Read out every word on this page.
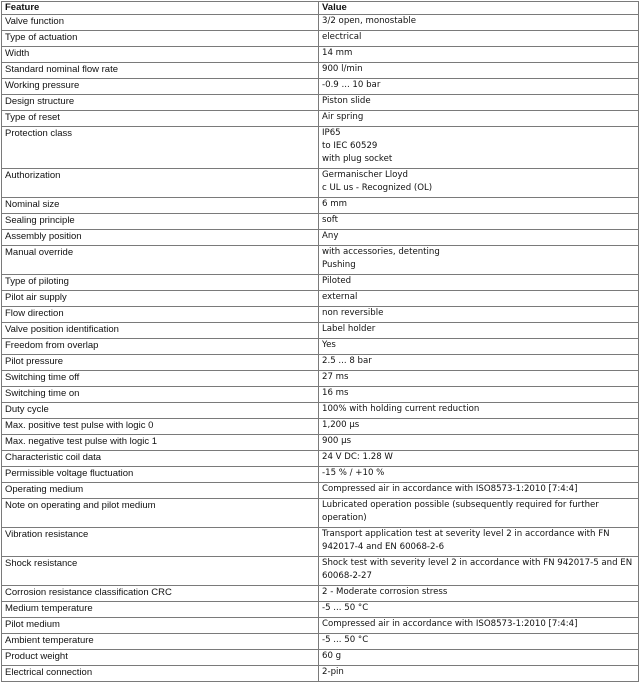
Feature	Value
Valve function	3/2 open, monostable

Type of actuation	electrical

Width	14 mm

Standard nominal flow rate	900 l/min

Working pressure	-0.9 ... 10 bar

Design structure	Piston slide

Type of reset	Air spring

Protection class	IP65
to IEC 60529
with plug socket

Authorization	Germanischer Lloyd
c UL us - Recognized (OL)

Nominal size	6 mm

Sealing principle	soft

Assembly position	Any

Manual override	with accessories, detenting
Pushing

Type of piloting	Piloted

Pilot air supply	external

Flow direction	non reversible

Valve position identification	Label holder

Freedom from overlap	Yes

Pilot pressure	2.5 ... 8 bar

Switching time off	27 ms

Switching time on	16 ms

Duty cycle	100% with holding current reduction

Max. positive test pulse with logic 0	1,200 µs

Max. negative test pulse with logic 1	900 µs

Characteristic coil data	24 V DC: 1.28 W

Permissible voltage fluctuation	-15 % / +10 %

Operating medium	Compressed air in accordance with ISO8573-1:2010 [7:4:4]

Note on operating and pilot medium	Lubricated operation possible (subsequently required for further
operation)

Vibration resistance	Transport application test at severity level 2 in accordance with FN
942017-4 and EN 60068-2-6

Shock resistance	Shock test with severity level 2 in accordance with FN 942017-5 and EN
60068-2-27

Corrosion resistance classification CRC	2 - Moderate corrosion stress

Medium temperature	-5 ... 50 °C

Pilot medium	Compressed air in accordance with ISO8573-1:2010 [7:4:4]

Ambient temperature	-5 ... 50 °C

Product weight	60 g

Electrical connection	2-pin
